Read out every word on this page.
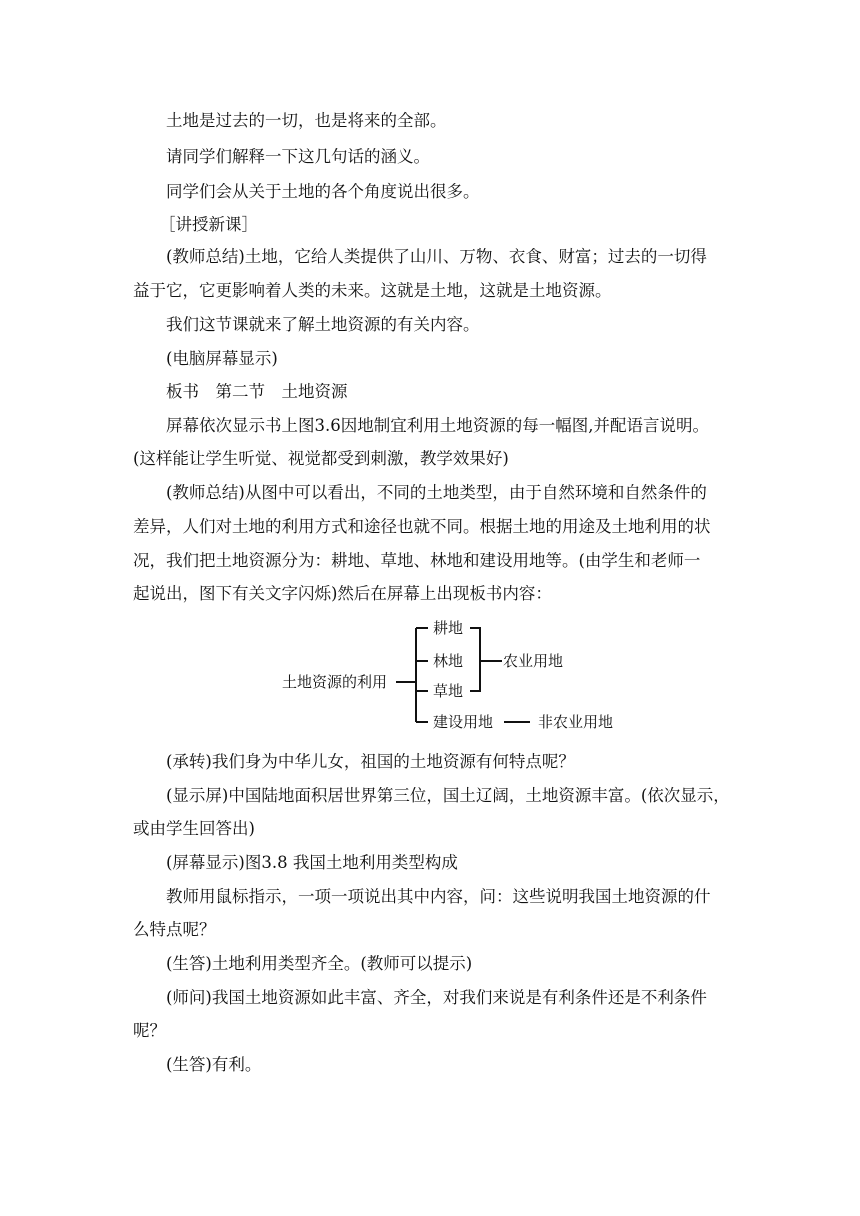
土地是过去的一切，也是将来的全部。
请同学们解释一下这几句话的涵义。
同学们会从关于土地的各个角度说出很多。
［讲授新课］
(教师总结)土地，它给人类提供了山川、万物、衣食、财富；过去的一切得
益于它，它更影响着人类的未来。这就是土地，这就是土地资源。
我们这节课就来了解土地资源的有关内容。
(电脑屏幕显示)
板书　第二节　土地资源
屏幕依次显示书上图3.6因地制宜利用土地资源的每一幅图,并配语言说明。
(这样能让学生听觉、视觉都受到刺激，教学效果好)
(教师总结)从图中可以看出，不同的土地类型，由于自然环境和自然条件的
差异，人们对土地的利用方式和途径也就不同。根据土地的用途及土地利用的状
况，我们把土地资源分为：耕地、草地、林地和建设用地等。(由学生和老师一
起说出，图下有关文字闪烁)然后在屏幕上出现板书内容：
土地资源的利用
耕地
林地
草地
建设用地
农业用地
非农业用地
(承转)我们身为中华儿女，祖国的土地资源有何特点呢？
(显示屏)中国陆地面积居世界第三位，国土辽阔，土地资源丰富。(依次显示，
或由学生回答出)
(屏幕显示)图3.8 我国土地利用类型构成
教师用鼠标指示，一项一项说出其中内容，问：这些说明我国土地资源的什
么特点呢？
(生答)土地利用类型齐全。(教师可以提示)
(师问)我国土地资源如此丰富、齐全，对我们来说是有利条件还是不利条件
呢？
(生答)有利。
